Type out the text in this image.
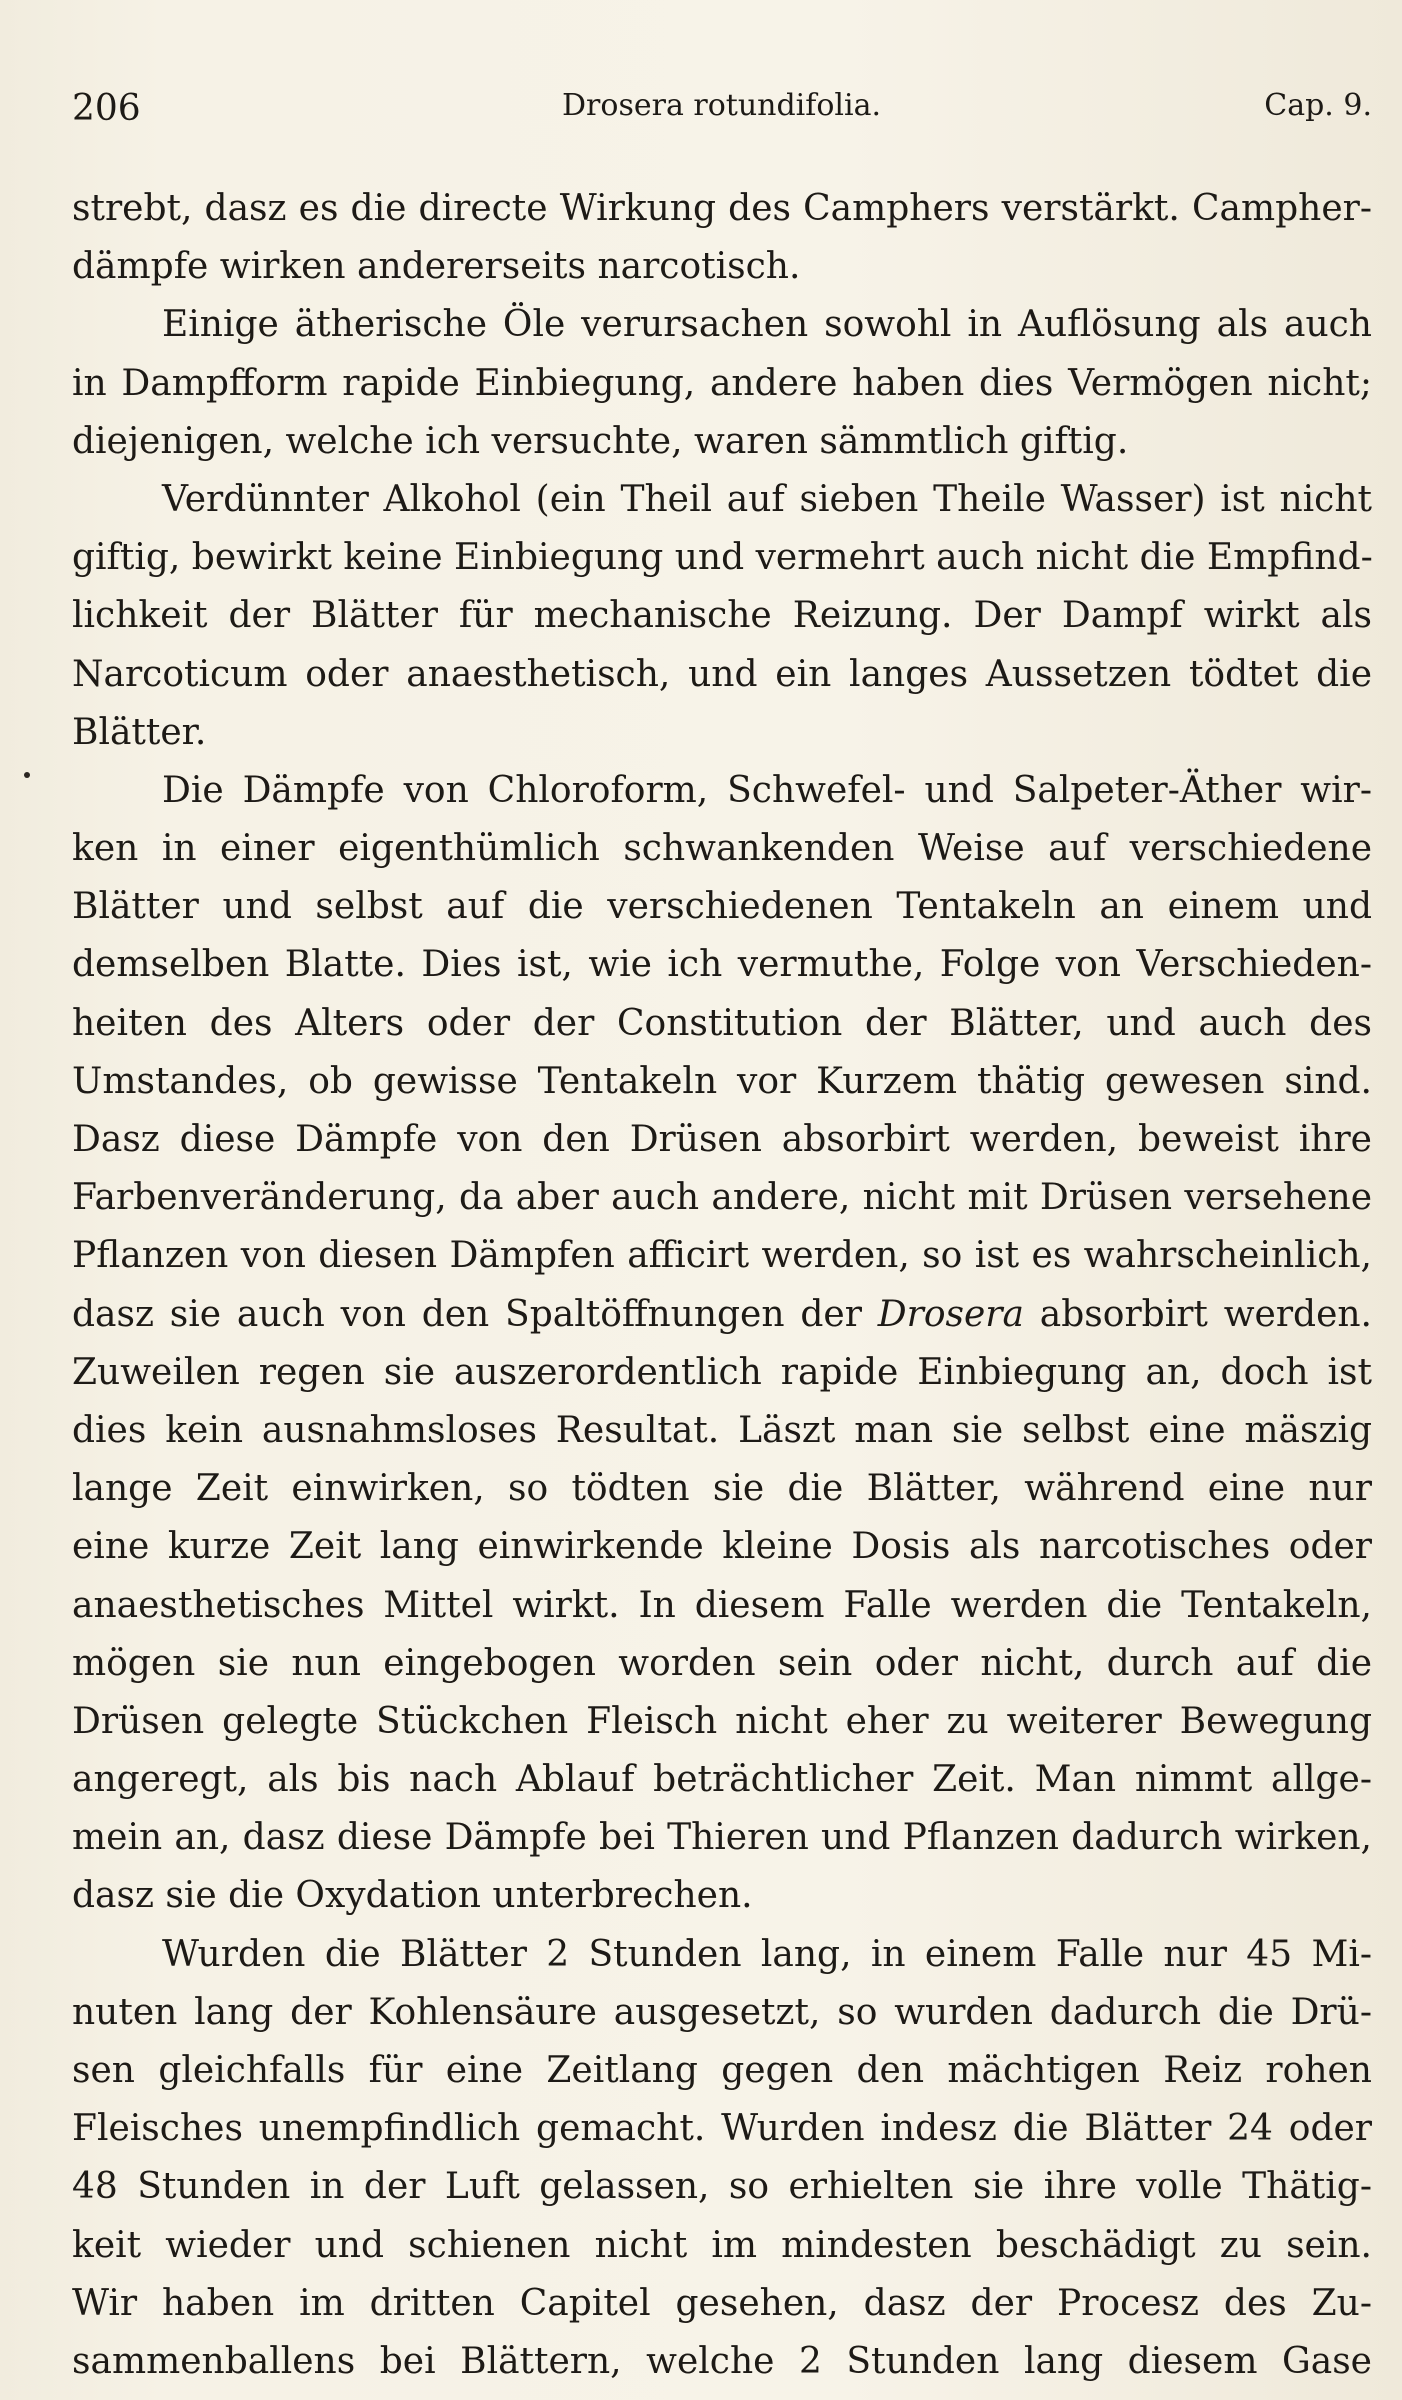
206	Drosera rotundifolia.	Cap. 9.
strebt, dasz es die directe Wirkung des Camphers verstärkt. Campher-
dämpfe wirken andererseits narcotisch.
Einige ätherische Öle verursachen sowohl in Auflösung als auch
in Dampfform rapide Einbiegung, andere haben dies Vermögen nicht;
diejenigen, welche ich versuchte, waren sämmtlich giftig.
Verdünnter Alkohol (ein Theil auf sieben Theile Wasser) ist nicht
giftig, bewirkt keine Einbiegung und vermehrt auch nicht die Empfind-
lichkeit der Blätter für mechanische Reizung. Der Dampf wirkt als
Narcoticum oder anaesthetisch, und ein langes Aussetzen tödtet die
Blätter.
Die Dämpfe von Chloroform, Schwefel- und Salpeter-Äther wir-
ken in einer eigenthümlich schwankenden Weise auf verschiedene
Blätter und selbst auf die verschiedenen Tentakeln an einem und
demselben Blatte. Dies ist, wie ich vermuthe, Folge von Verschieden-
heiten des Alters oder der Constitution der Blätter, und auch des
Umstandes, ob gewisse Tentakeln vor Kurzem thätig gewesen sind.
Dasz diese Dämpfe von den Drüsen absorbirt werden, beweist ihre
Farbenveränderung, da aber auch andere, nicht mit Drüsen versehene
Pflanzen von diesen Dämpfen afficirt werden, so ist es wahrscheinlich,
dasz sie auch von den Spaltöffnungen der Drosera absorbirt werden.
Zuweilen regen sie auszerordentlich rapide Einbiegung an, doch ist
dies kein ausnahmsloses Resultat. Läszt man sie selbst eine mäszig
lange Zeit einwirken, so tödten sie die Blätter, während eine nur
eine kurze Zeit lang einwirkende kleine Dosis als narcotisches oder
anaesthetisches Mittel wirkt. In diesem Falle werden die Tentakeln,
mögen sie nun eingebogen worden sein oder nicht, durch auf die
Drüsen gelegte Stückchen Fleisch nicht eher zu weiterer Bewegung
angeregt, als bis nach Ablauf beträchtlicher Zeit. Man nimmt allge-
mein an, dasz diese Dämpfe bei Thieren und Pflanzen dadurch wirken,
dasz sie die Oxydation unterbrechen.
Wurden die Blätter 2 Stunden lang, in einem Falle nur 45 Mi-
nuten lang der Kohlensäure ausgesetzt, so wurden dadurch die Drü-
sen gleichfalls für eine Zeitlang gegen den mächtigen Reiz rohen
Fleisches unempfindlich gemacht. Wurden indesz die Blätter 24 oder
48 Stunden in der Luft gelassen, so erhielten sie ihre volle Thätig-
keit wieder und schienen nicht im mindesten beschädigt zu sein.
Wir haben im dritten Capitel gesehen, dasz der Procesz des Zu-
sammenballens bei Blättern, welche 2 Stunden lang diesem Gase
